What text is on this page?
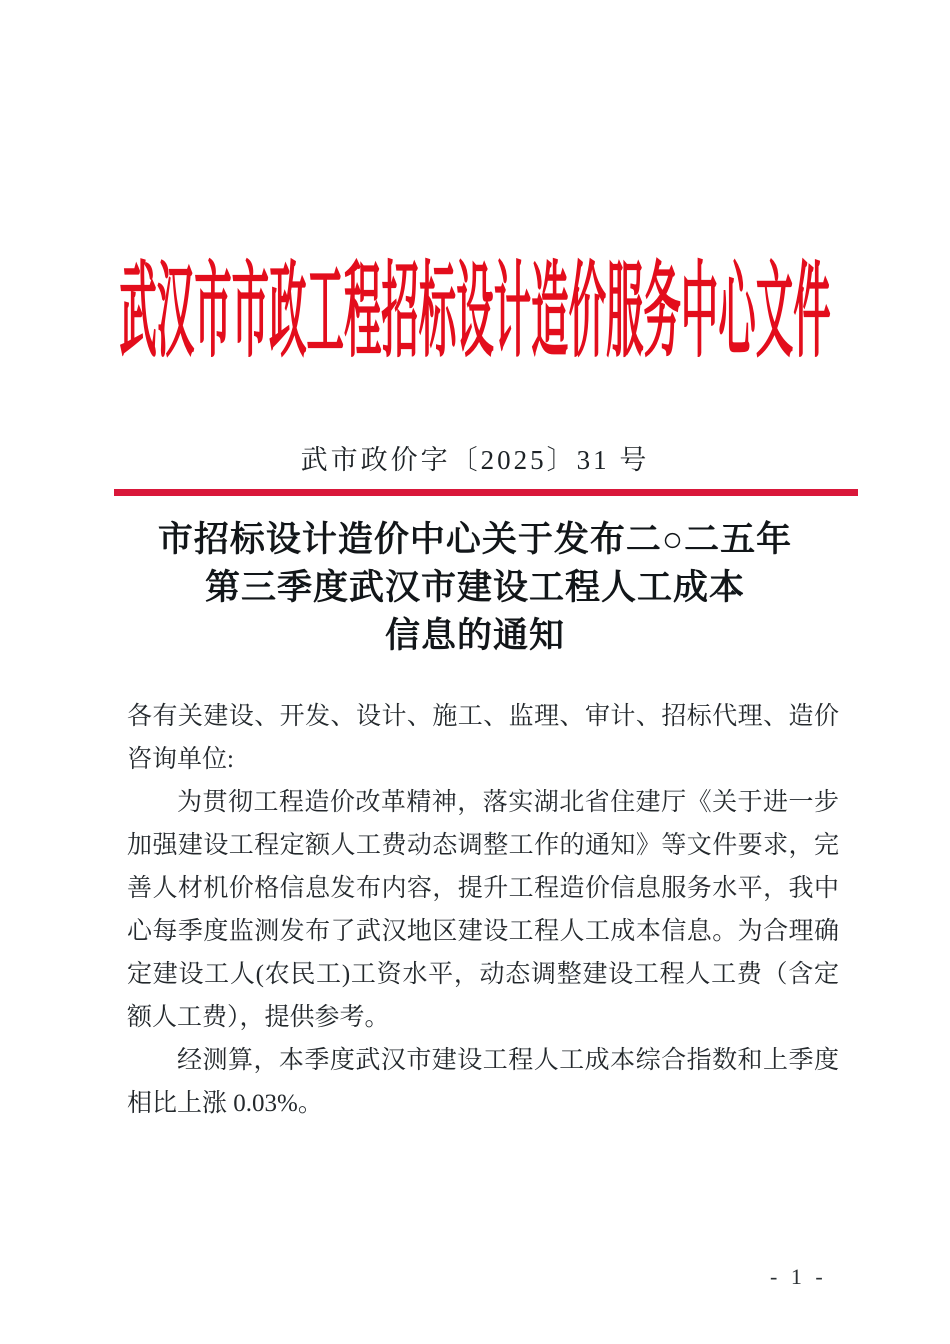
武汉市市政工程招标设计造价服务中心文件
武市政价字〔2025〕31 号
市招标设计造价中心关于发布二○二五年
第三季度武汉市建设工程人工成本
信息的通知

各有关建设、开发、设计、施工、监理、审计、招标代理、造价咨询单位:

为贯彻工程造价改革精神，落实湖北省住建厅《关于进一步加强建设工程定额人工费动态调整工作的通知》等文件要求，完善人材机价格信息发布内容，提升工程造价信息服务水平，我中心每季度监测发布了武汉地区建设工程人工成本信息。为合理确定建设工人(农民工)工资水平，动态调整建设工程人工费（含定额人工费），提供参考。

经测算，本季度武汉市建设工程人工成本综合指数和上季度相比上涨 0.03%。

- 1 -
